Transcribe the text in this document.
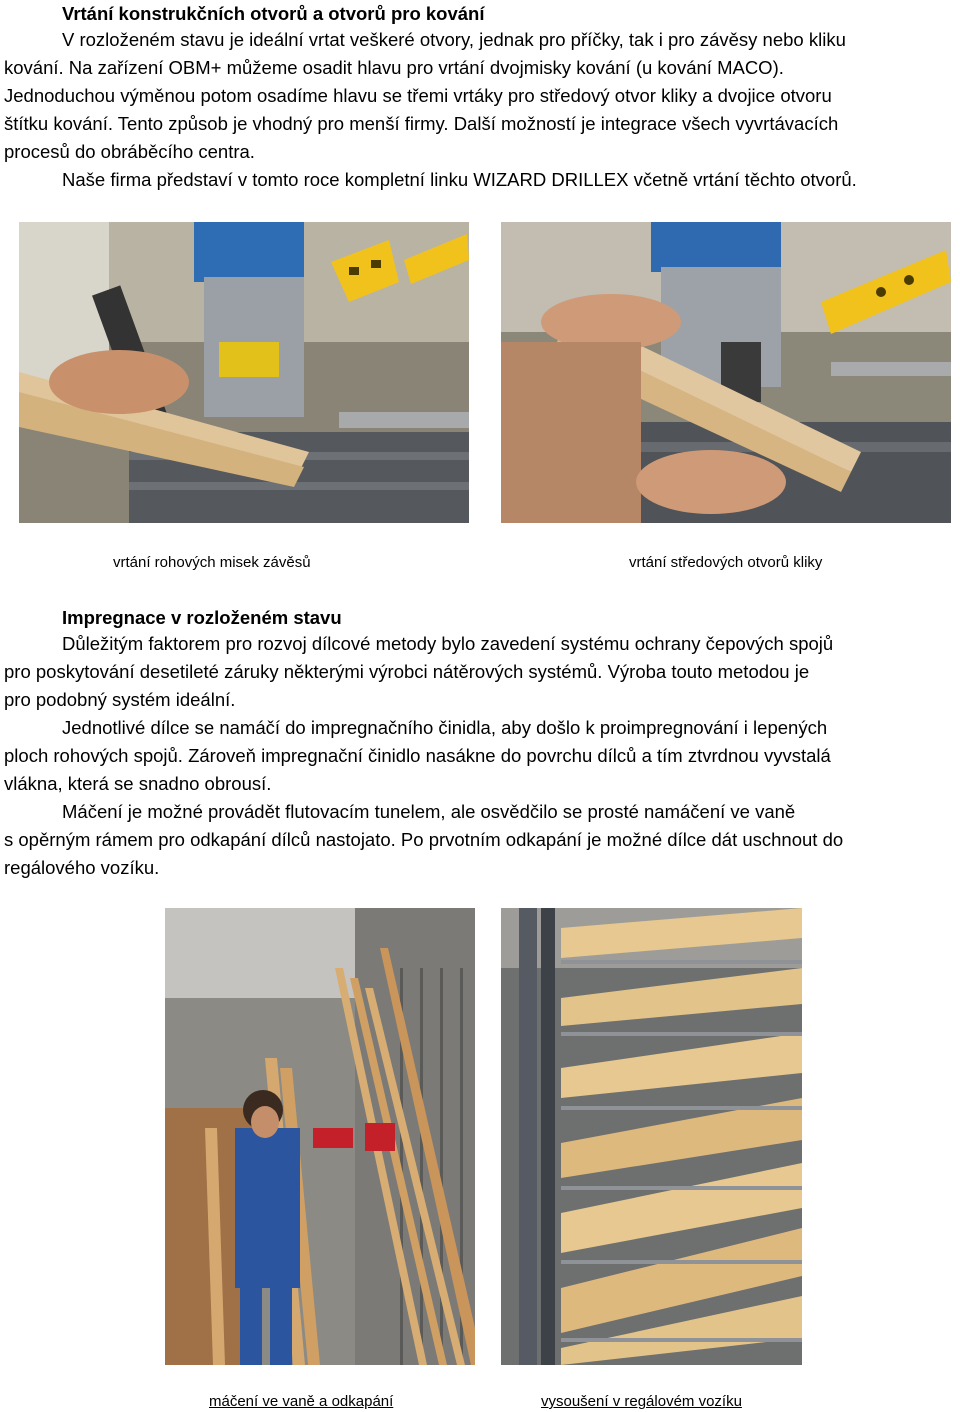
Vrtání konstrukčních otvorů a otvorů pro kování
V rozloženém stavu je ideální vrtat veškeré otvory, jednak pro příčky, tak i pro závěsy nebo kliku
kování. Na zařízení OBM+ můžeme osadit hlavu pro vrtání dvojmisky kování (u kování MACO).
Jednoduchou výměnou potom osadíme hlavu se třemi vrtáky pro středový otvor kliky a dvojice otvoru
štítku kování. Tento způsob je vhodný pro menší firmy. Další možností je integrace všech vyvrtávacích
procesů do obráběcího centra.
Naše firma představí v tomto roce kompletní linku WIZARD DRILLEX včetně vrtání těchto otvorů.
vrtání rohových misek závěsů	vrtání středových otvorů kliky
Impregnace v rozloženém stavu
Důležitým faktorem pro rozvoj dílcové metody bylo zavedení systému ochrany čepových spojů
pro poskytování desetileté záruky některými výrobci nátěrových systémů. Výroba touto metodou je
pro podobný systém ideální.
Jednotlivé dílce se namáčí do impregnačního činidla, aby došlo k proimpregnování i lepených
ploch rohových spojů. Zároveň impregnační činidlo nasákne do povrchu dílců a tím ztvrdnou vyvstalá
vlákna, která se snadno obrousí.
Máčení je možné provádět flutovacím tunelem, ale osvědčilo se prosté namáčení ve vaně
s opěrným rámem pro odkapání dílců nastojato. Po prvotním odkapání je možné dílce dát uschnout do
regálového vozíku.
máčení ve vaně a odkapání	vysoušení v regálovém vozíku
